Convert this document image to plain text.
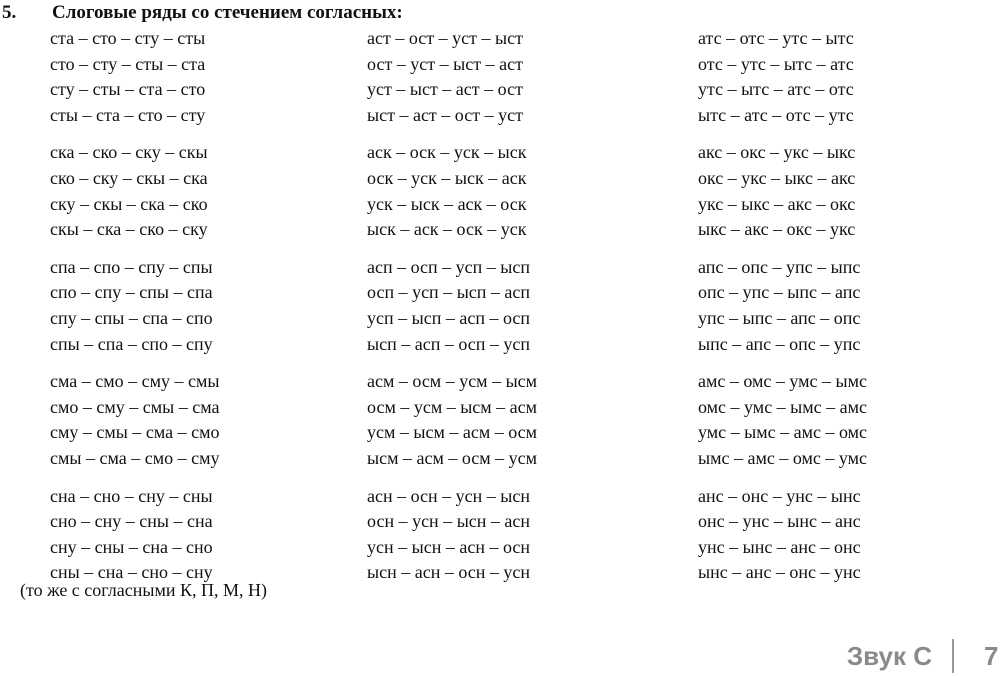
5. Слоговые ряды со стечением согласных:
ста – сто – сту – сты
сто – сту – сты – ста
сту – сты – ста – сто
сты – ста – сто – сту
ска – ско – ску – скы
ско – ску – скы – ска
ску – скы – ска – ско
скы – ска – ско – ску
спа – спо – спу – спы
спо – спу – спы – спа
спу – спы – спа – спо
спы – спа – спо – спу
сма – смо – сму – смы
смо – сму – смы – сма
сму – смы – сма – смо
смы – сма – смо – сму
сна – сно – сну – сны
сно – сну – сны – сна
сну – сны – сна – сно
сны – сна – сно – сну
аст – ост – уст – ыст
ост – уст – ыст – аст
уст – ыст – аст – ост
ыст – аст – ост – уст
аск – оск – уск – ыск
оск – уск – ыск – аск
уск – ыск – аск – оск
ыск – аск – оск – уск
асп – осп – усп – ысп
осп – усп – ысп – асп
усп – ысп – асп – осп
ысп – асп – осп – усп
асм – осм – усм – ысм
осм – усм – ысм – асм
усм – ысм – асм – осм
ысм – асм – осм – усм
асн – осн – усн – ысн
осн – усн – ысн – асн
усн – ысн – асн – осн
ысн – асн – осн – усн
атс – отс – утс – ытс
отс – утс – ытс – атс
утс – ытс – атс – отс
ытс – атс – отс – утс
акс – окс – укс – ыкс
окс – укс – ыкс – акс
укс – ыкс – акс – окс
ыкс – акс – окс – укс
апс – опс – упс – ыпс
опс – упс – ыпс – апс
упс – ыпс – апс – опс
ыпс – апс – опс – упс
амс – омс – умс – ымс
омс – умс – ымс – амс
умс – ымс – амс – омс
ымс – амс – омс – умс
анс – онс – унс – ынс
онс – унс – ынс – анс
унс – ынс – анс – онс
ынс – анс – онс – унс
(то же с согласными К, П, М, Н)
Звук С 7
